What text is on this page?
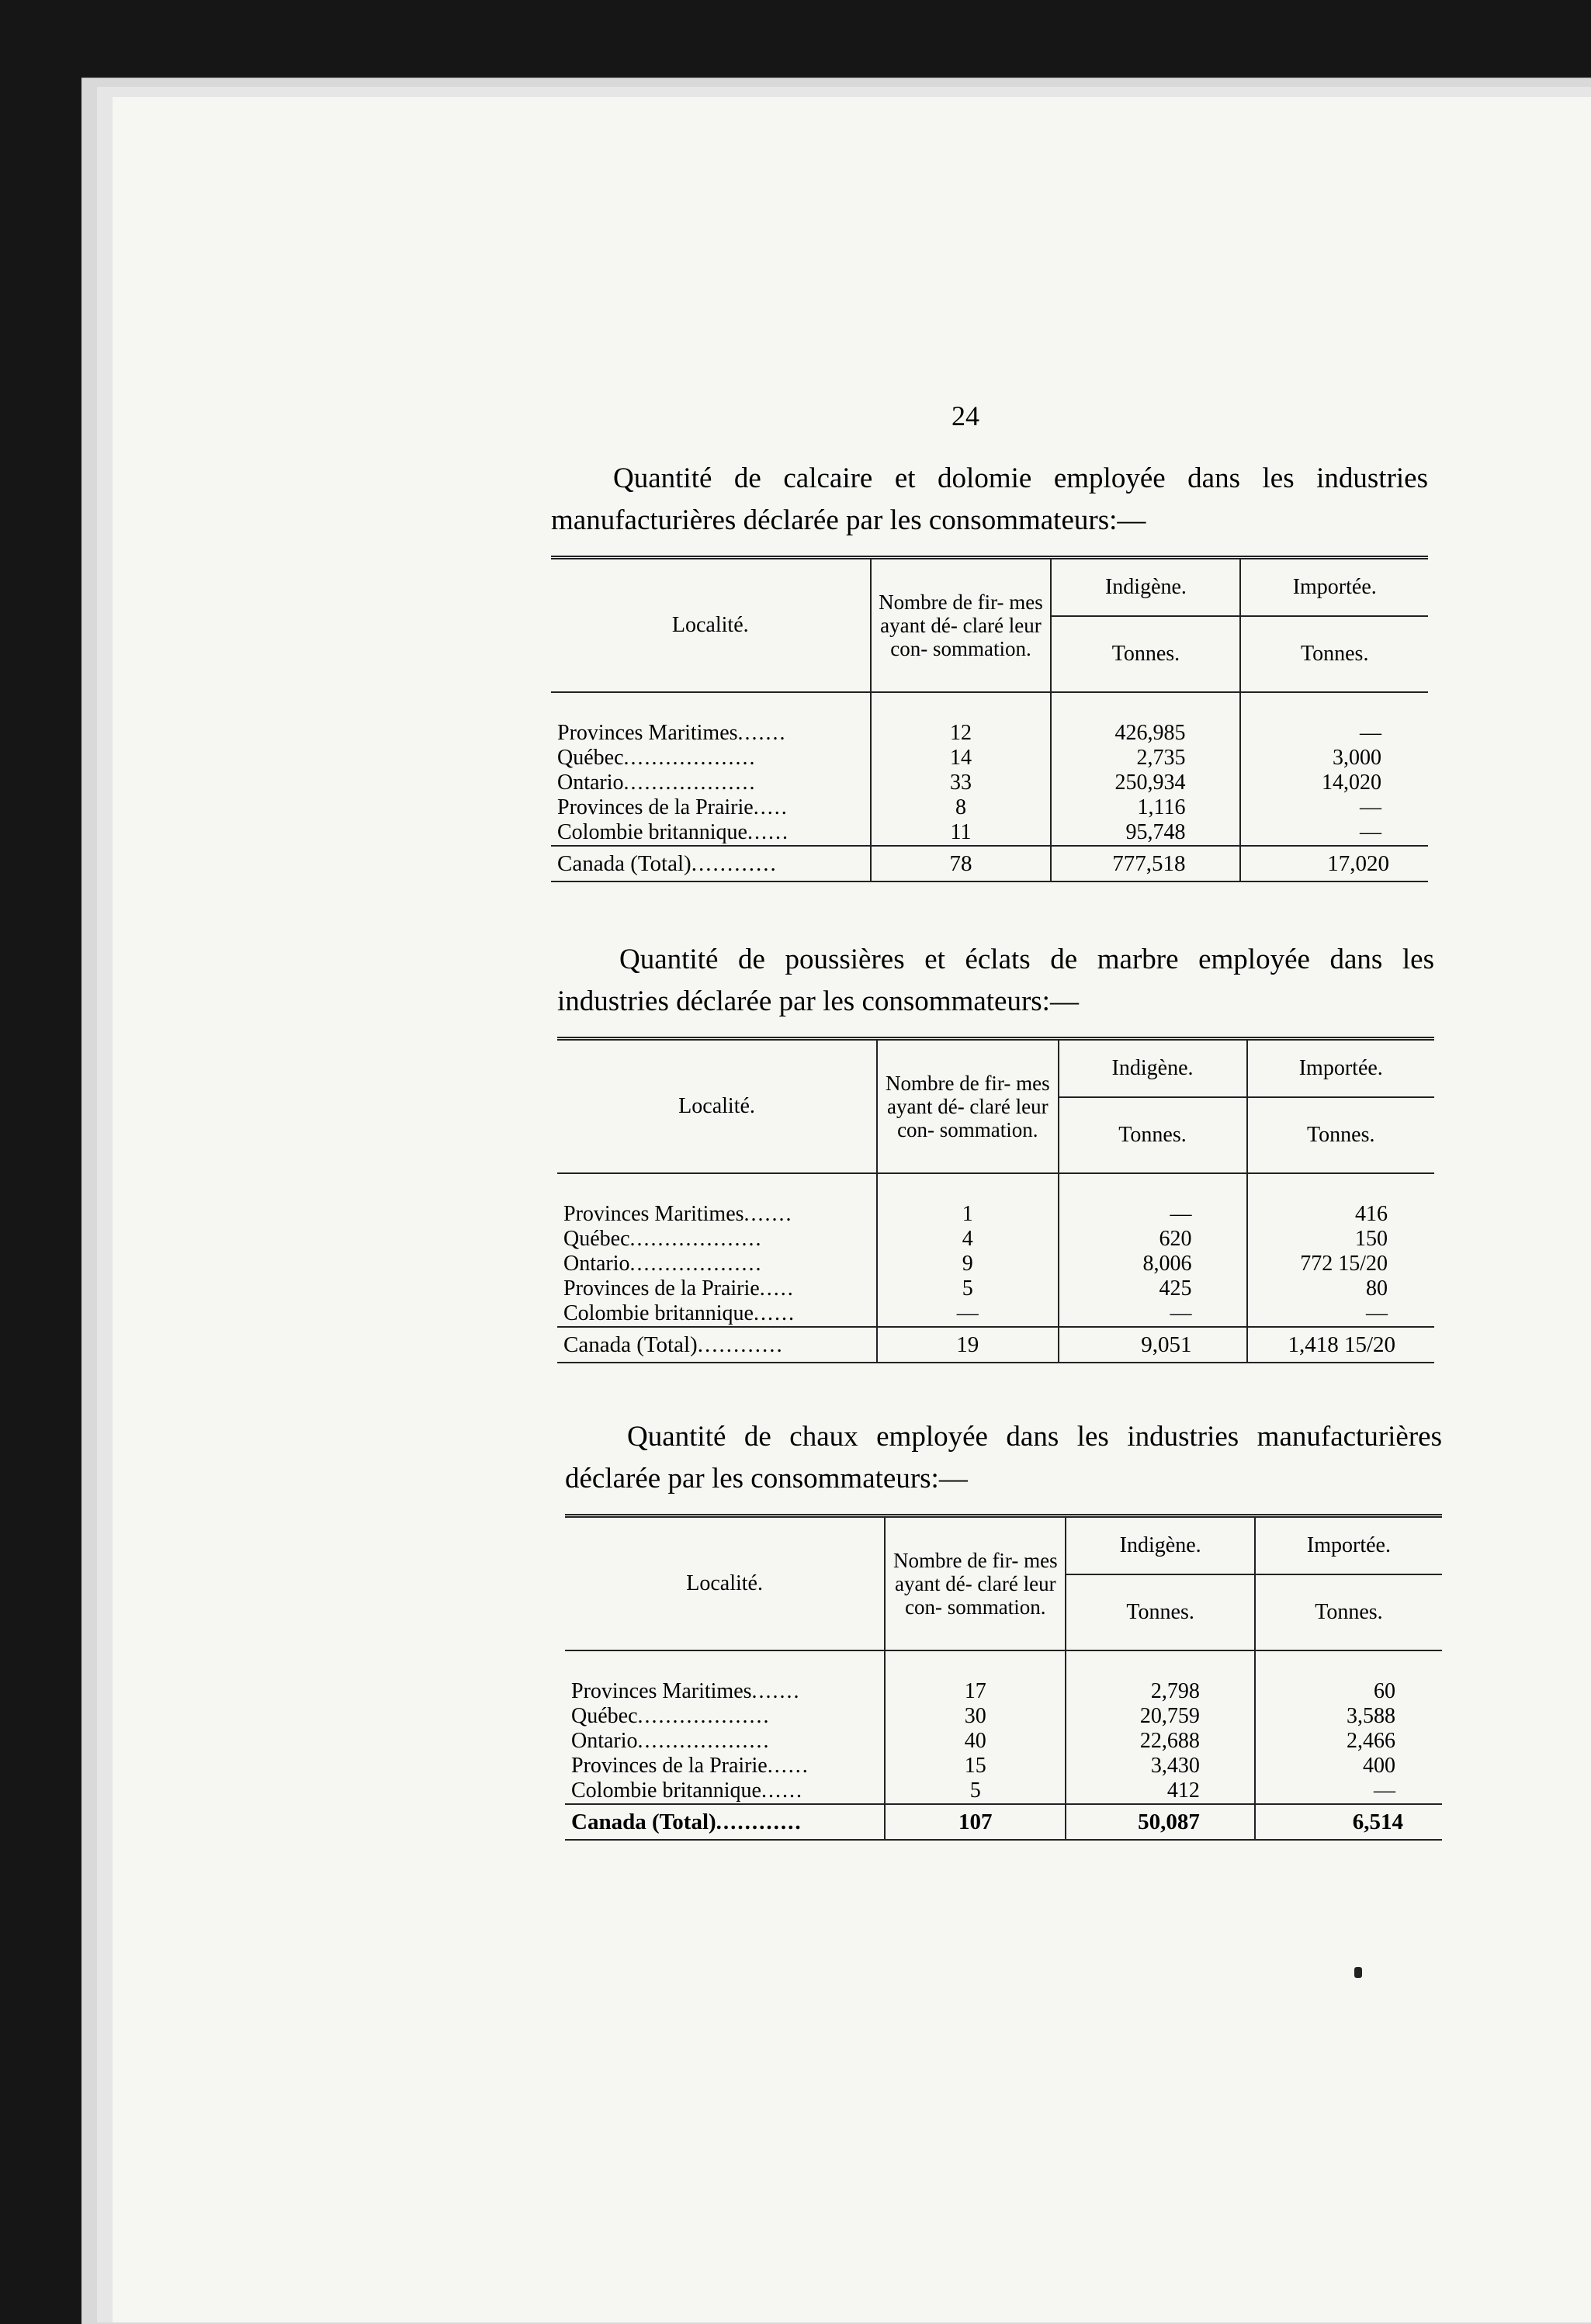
24

Quantité de calcaire et dolomie employée dans les industries manufacturières déclarée par les consommateurs:—

Localité.	Nombre de fir- mes ayant dé- claré leur con- sommation.	Indigène.	Importée.
		Tonnes.	Tonnes.

Provinces Maritimes.......	12	426,985	—
Québec...................	14	2,735	3,000
Ontario...................	33	250,934	14,020
Provinces de la Prairie.....	8	1,116	—
Colombie britannique......	11	95,748	—
Canada (Total)............	78	777,518	17,020

Quantité de poussières et éclats de marbre employée dans les industries déclarée par les consommateurs:—

Localité.	Nombre de fir- mes ayant dé- claré leur con- sommation.	Indigène.	Importée.
		Tonnes.	Tonnes.

Provinces Maritimes.......	1	—	416
Québec...................	4	620	150
Ontario...................	9	8,006	772 15/20
Provinces de la Prairie.....	5	425	80
Colombie britannique......	—	—	—
Canada (Total)............	19	9,051	1,418 15/20

Quantité de chaux employée dans les industries manufacturières déclarée par les consommateurs:—

Localité.	Nombre de fir- mes ayant dé- claré leur con- sommation.	Indigène.	Importée.
		Tonnes.	Tonnes.

Provinces Maritimes.......	17	2,798	60
Québec...................	30	20,759	3,588
Ontario...................	40	22,688	2,466
Provinces de la Prairie......	15	3,430	400
Colombie britannique......	5	412	—
Canada (Total)............	107	50,087	6,514
